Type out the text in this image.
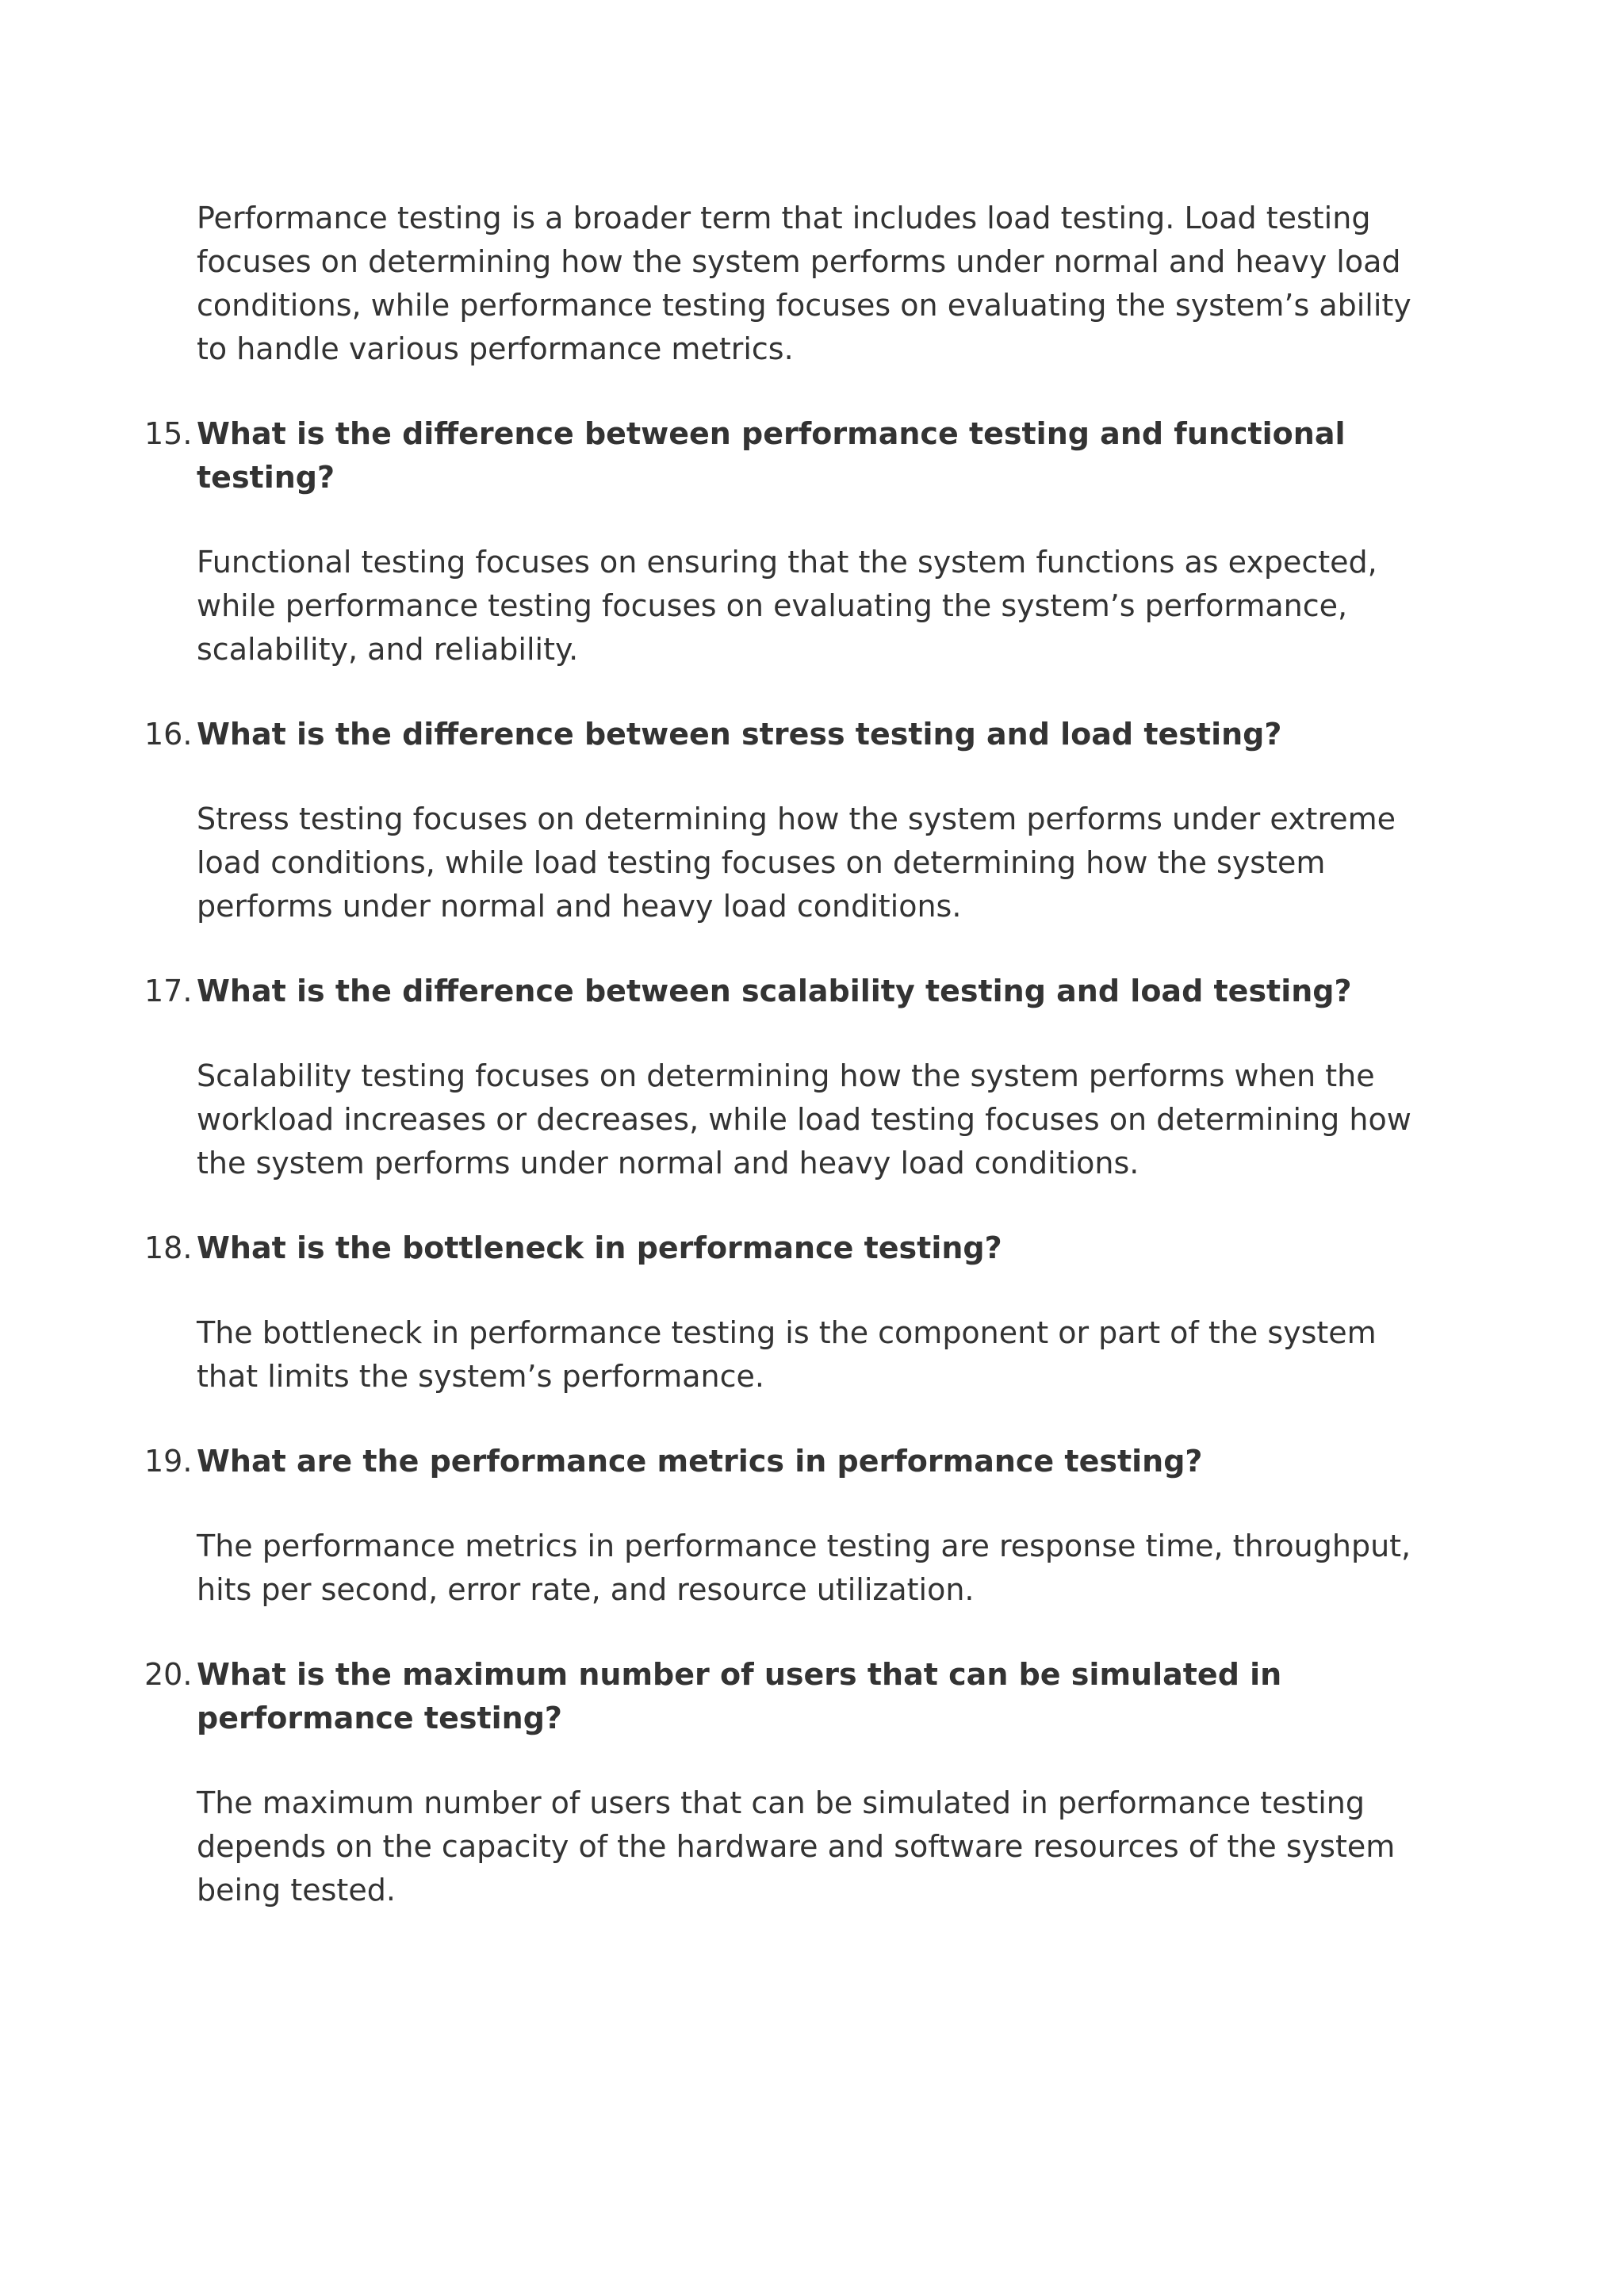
Performance testing is a broader term that includes load testing. Load testing focuses on determining how the system performs under normal and heavy load conditions, while performance testing focuses on evaluating the system’s ability to handle various performance metrics.

15. What is the difference between performance testing and functional testing?

Functional testing focuses on ensuring that the system functions as expected, while performance testing focuses on evaluating the system’s performance, scalability, and reliability.

16. What is the difference between stress testing and load testing?

Stress testing focuses on determining how the system performs under extreme load conditions, while load testing focuses on determining how the system performs under normal and heavy load conditions.

17. What is the difference between scalability testing and load testing?

Scalability testing focuses on determining how the system performs when the workload increases or decreases, while load testing focuses on determining how the system performs under normal and heavy load conditions.

18. What is the bottleneck in performance testing?

The bottleneck in performance testing is the component or part of the system that limits the system’s performance.

19. What are the performance metrics in performance testing?

The performance metrics in performance testing are response time, throughput, hits per second, error rate, and resource utilization.

20. What is the maximum number of users that can be simulated in performance testing?

The maximum number of users that can be simulated in performance testing depends on the capacity of the hardware and software resources of the system being tested.
